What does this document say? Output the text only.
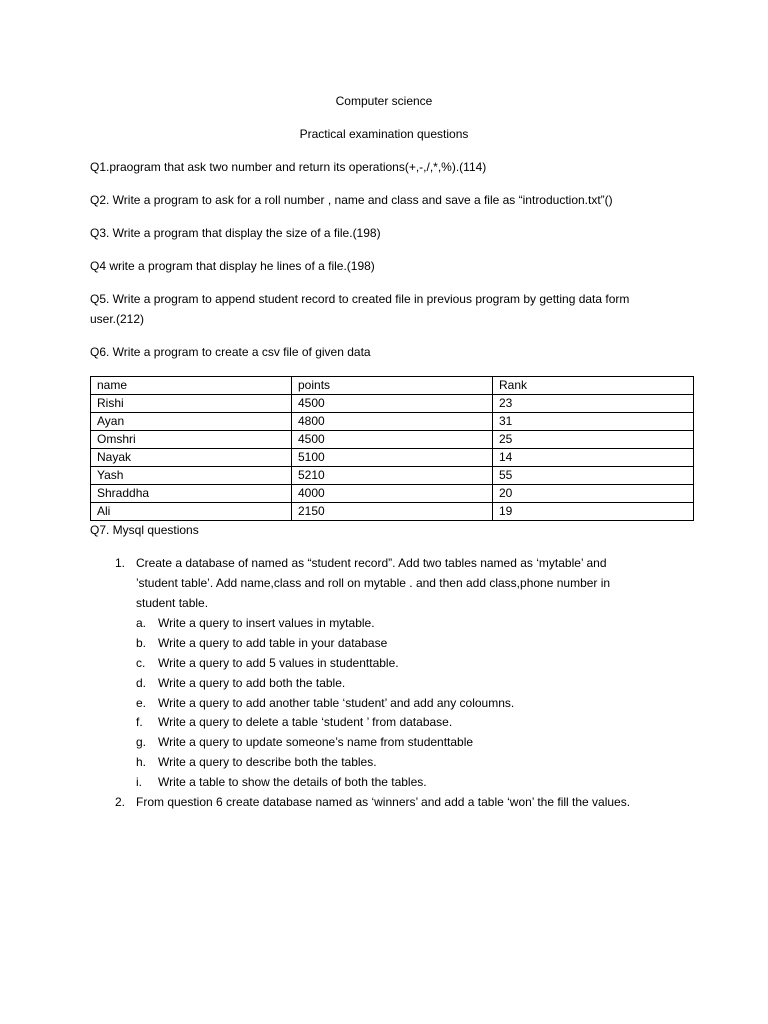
Computer science
Practical examination questions
Q1.praogram that ask two number and return its operations(+,-,/,*,%).(114)
Q2. Write a program to ask for a roll number , name and class and save a file as “introduction.txt”()
Q3. Write a program that display the size of a file.(198)
Q4 write a program that display he lines of a file.(198)
Q5. Write a program to append student record to created file in previous program by getting data form
user.(212)
Q6. Write a program to create a csv file of given data
name	points	Rank
Rishi	4500	23
Ayan	4800	31
Omshri	4500	25
Nayak	5100	14
Yash	5210	55
Shraddha	4000	20
Ali	2150	19
Q7. Mysql questions
1. Create a database of named as “student record”. Add two tables named as ‘mytable’ and
’student table’. Add name,class and roll on mytable . and then add class,phone number in
student table.
a. Write a query to insert values in mytable.
b. Write a query to add table in your database
c. Write a query to add 5 values in studenttable.
d. Write a query to add both the table.
e. Write a query to add another table ‘student’ and add any coloumns.
f. Write a query to delete a table ‘student ’ from database.
g. Write a query to update someone’s name from studenttable
h. Write a query to describe both the tables.
i. Write a table to show the details of both the tables.
2. From question 6 create database named as ‘winners’ and add a table ‘won’ the fill the values.
